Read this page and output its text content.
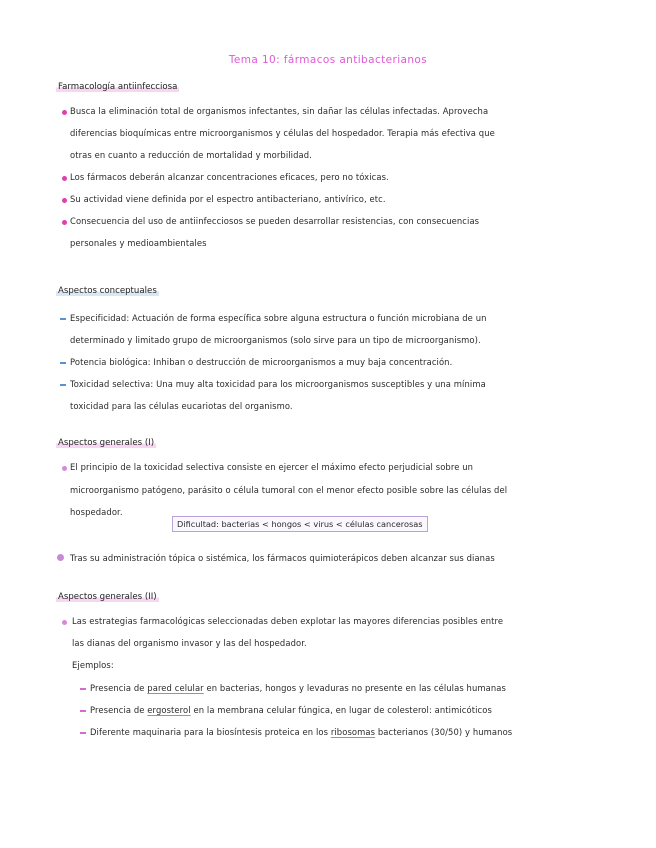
Tema 10: fármacos antibacterianos
Farmacología antiinfecciosa
Busca la eliminación total de organismos infectantes, sin dañar las células infectadas. Aprovecha
diferencias bioquímicas entre microorganismos y células del hospedador. Terapia más efectiva que
otras en cuanto a reducción de mortalidad y morbilidad.
Los fármacos deberán alcanzar concentraciones eficaces, pero no tóxicas.
Su actividad viene definida por el espectro antibacteriano, antivírico, etc.
Consecuencia del uso de antiinfecciosos se pueden desarrollar resistencias, con consecuencias
personales y medioambientales
Aspectos conceptuales
Especificidad: Actuación de forma específica sobre alguna estructura o función microbiana de un
determinado y limitado grupo de microorganismos (solo sirve para un tipo de microorganismo).
Potencia biológica: Inhiban o destrucción de microorganismos a muy baja concentración.
Toxicidad selectiva: Una muy alta toxicidad para los microorganismos susceptibles y una mínima
toxicidad para las células eucariotas del organismo.
Aspectos generales (I)
El principio de la toxicidad selectiva consiste en ejercer el máximo efecto perjudicial sobre un
microorganismo patógeno, parásito o célula tumoral con el menor efecto posible sobre las células del
hospedador.
Dificultad: bacterias < hongos < virus < células cancerosas
Tras su administración tópica o sistémica, los fármacos quimioterápicos deben alcanzar sus dianas
Aspectos generales (II)
Las estrategias farmacológicas seleccionadas deben explotar las mayores diferencias posibles entre
las dianas del organismo invasor y las del hospedador.
Ejemplos:
Presencia de pared celular en bacterias, hongos y levaduras no presente en las células humanas
Presencia de ergosterol en la membrana celular fúngica, en lugar de colesterol: antimicóticos
Diferente maquinaria para la biosíntesis proteica en los ribosomas bacterianos (30/50) y humanos
